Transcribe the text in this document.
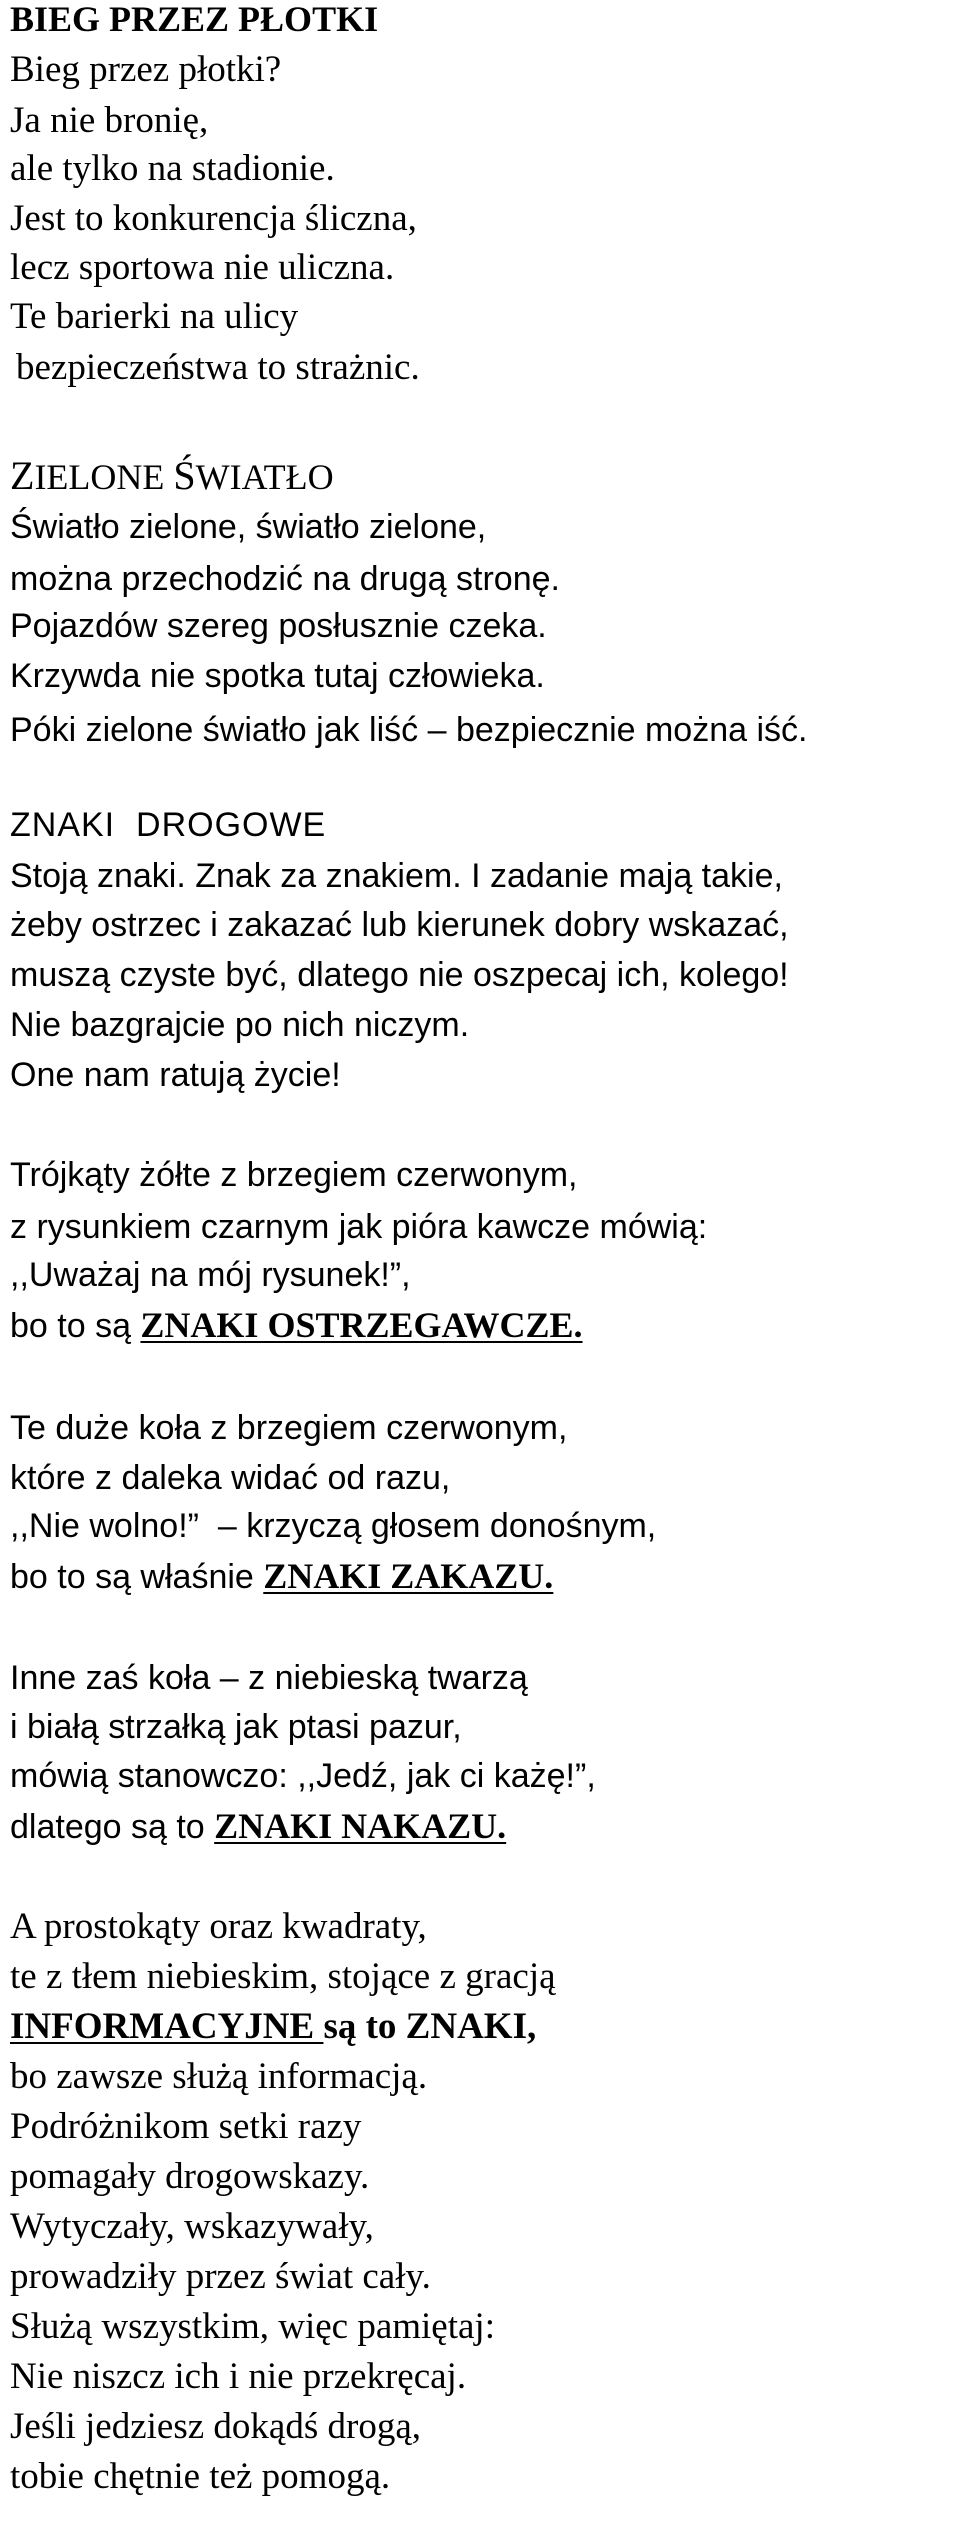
BIEG PRZEZ PŁOTKI
Bieg przez płotki?
Ja nie bronię,
ale tylko na stadionie.
Jest to konkurencja śliczna,
lecz sportowa nie uliczna.
Te barierki na ulicy
bezpieczeństwa to strażnic.
ZIELONE ŚWIATŁO
Światło zielone, światło zielone,
można przechodzić na drugą stronę.
Pojazdów szereg posłusznie czeka.
Krzywda nie spotka tutaj człowieka.
Póki zielone światło jak liść – bezpiecznie można iść.
ZNAKI  DROGOWE
Stoją znaki. Znak za znakiem. I zadanie mają takie,
żeby ostrzec i zakazać lub kierunek dobry wskazać,
muszą czyste być, dlatego nie oszpecaj ich, kolego!
Nie bazgrajcie po nich niczym.
One nam ratują życie!
Trójkąty żółte z brzegiem czerwonym,
z rysunkiem czarnym jak pióra kawcze mówią:
,,Uważaj na mój rysunek!”,
bo to są ZNAKI OSTRZEGAWCZE.
Te duże koła z brzegiem czerwonym,
które z daleka widać od razu,
,,Nie wolno!”  – krzyczą głosem donośnym,
bo to są właśnie ZNAKI ZAKAZU.
Inne zaś koła – z niebieską twarzą
i białą strzałką jak ptasi pazur,
mówią stanowczo: ,,Jedź, jak ci każę!”,
dlatego są to ZNAKI NAKAZU.
A prostokąty oraz kwadraty,
te z tłem niebieskim, stojące z gracją
INFORMACYJNE są to ZNAKI,
bo zawsze służą informacją.
Podróżnikom setki razy
pomagały drogowskazy.
Wytyczały, wskazywały,
prowadziły przez świat cały.
Służą wszystkim, więc pamiętaj:
Nie niszcz ich i nie przekręcaj.
Jeśli jedziesz dokądś drogą,
tobie chętnie też pomogą.
